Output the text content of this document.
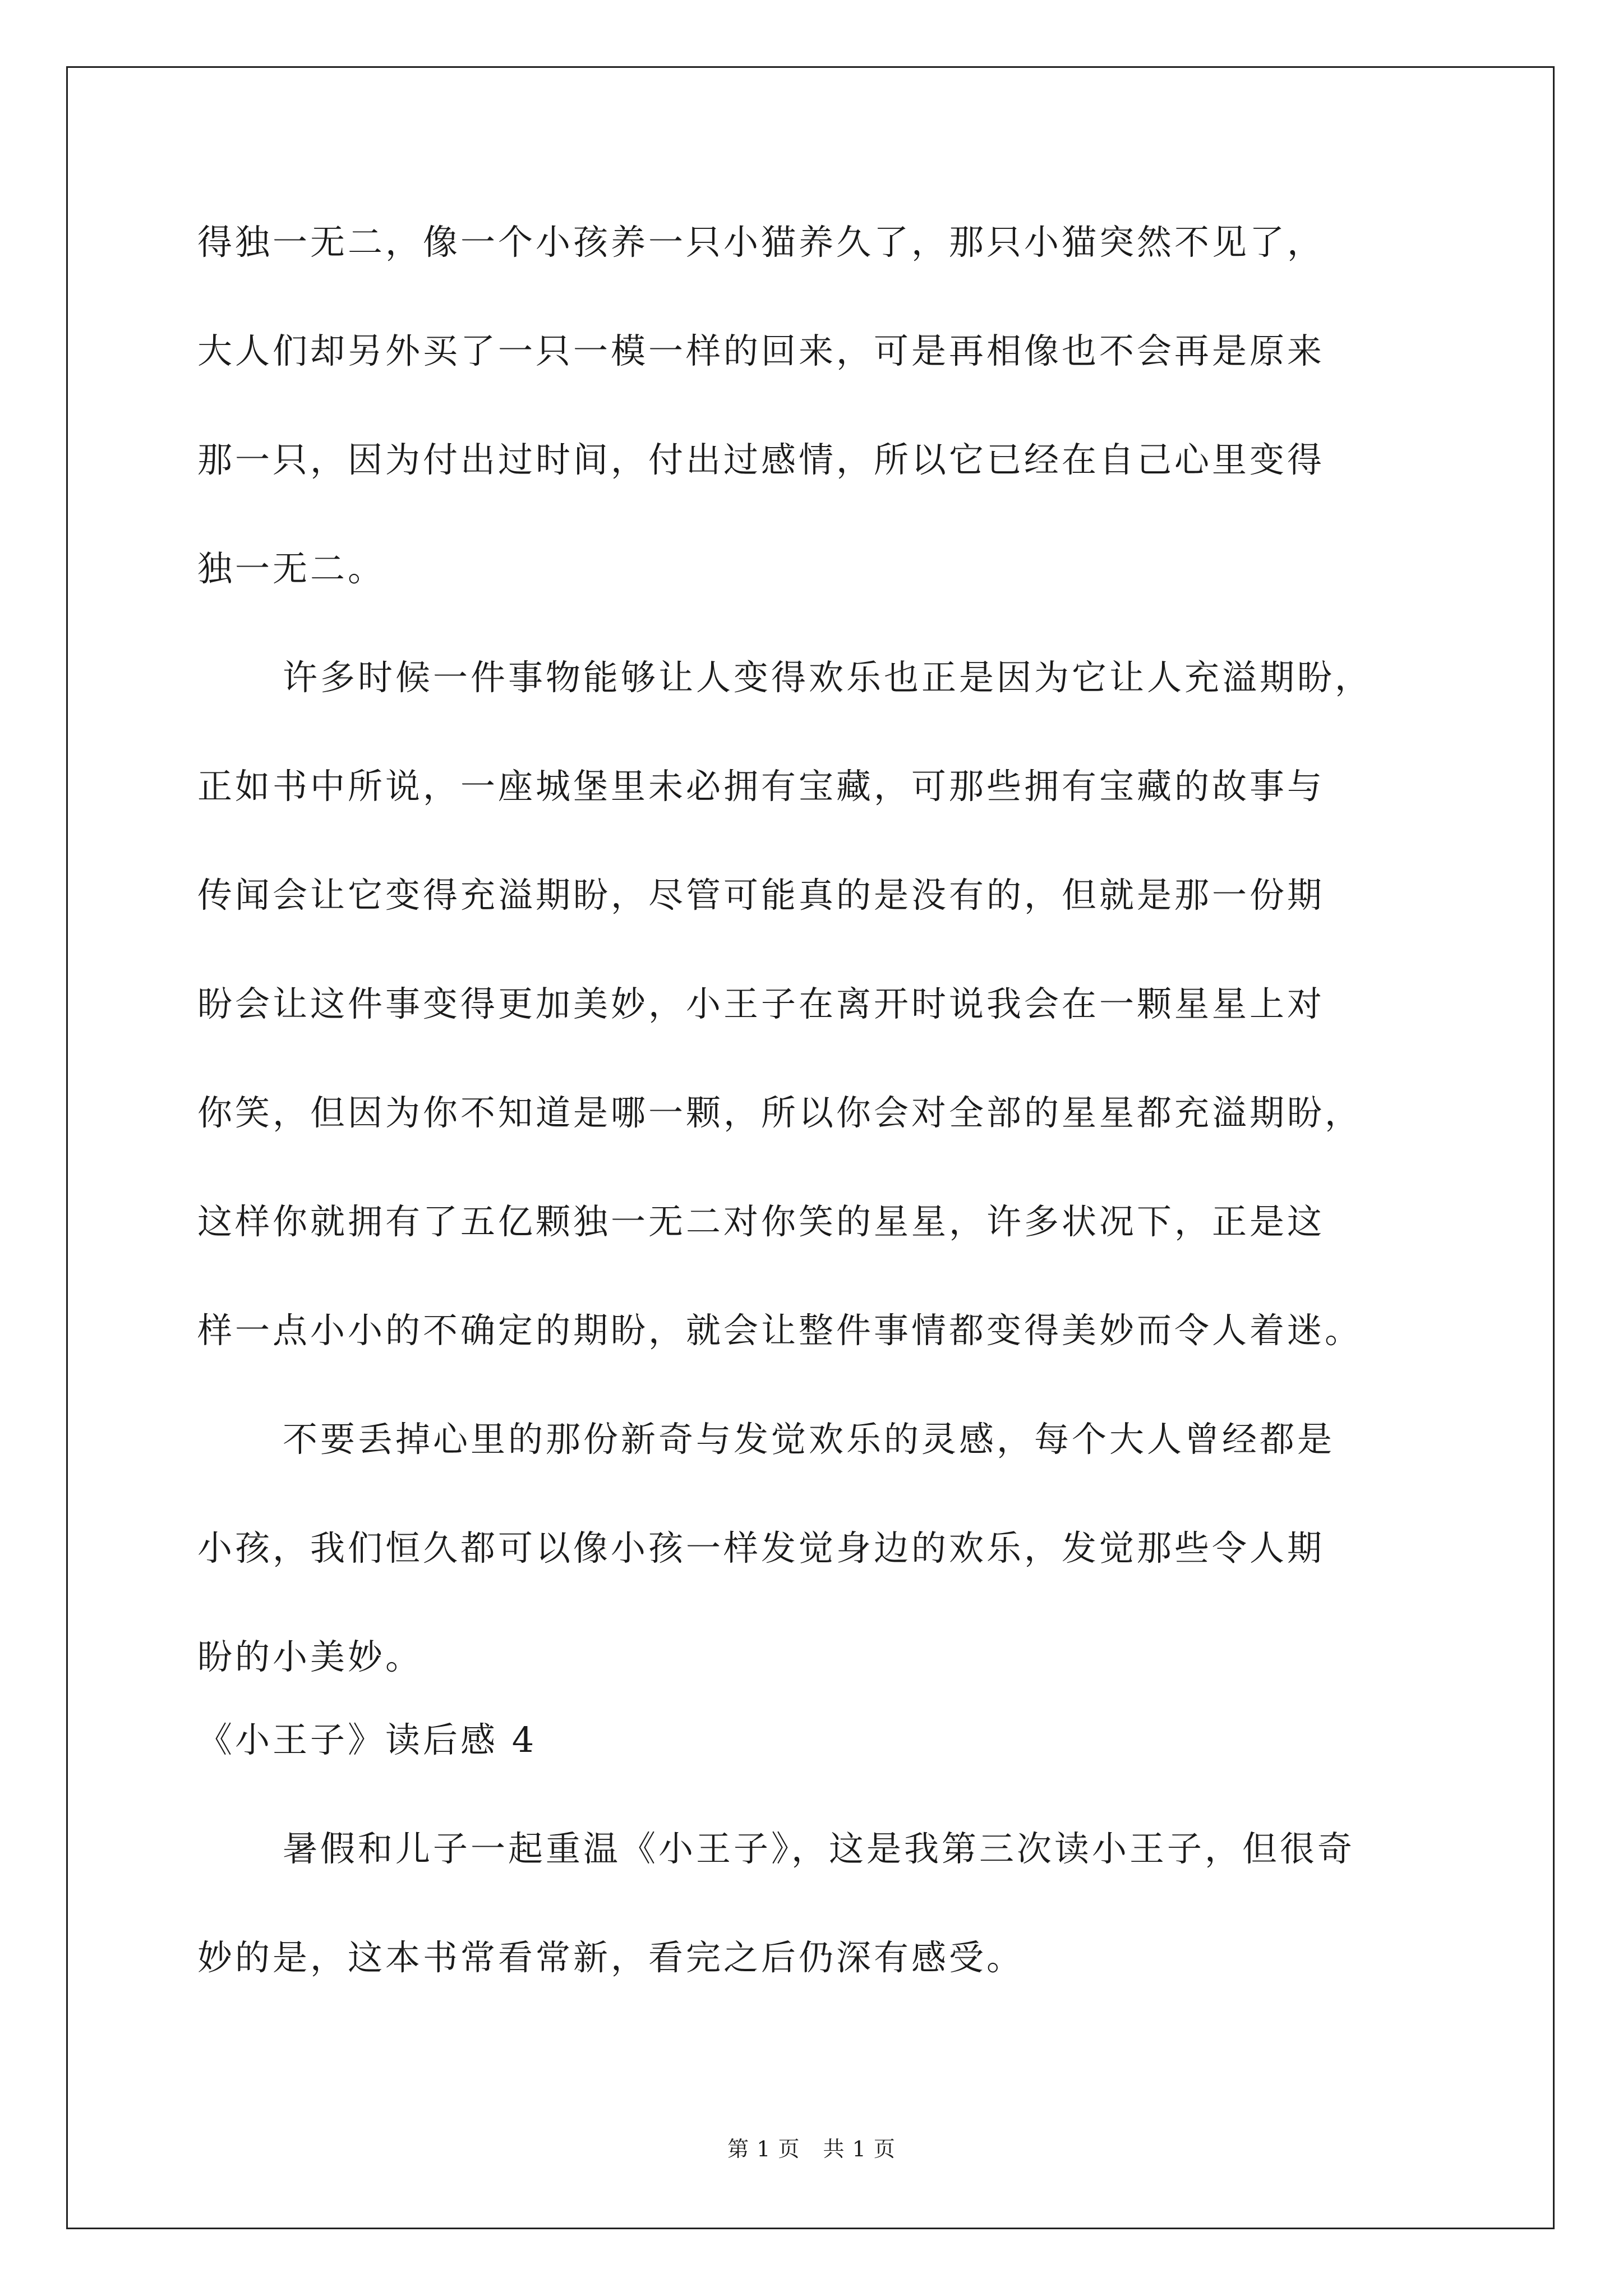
得独一无二，像一个小孩养一只小猫养久了，那只小猫突然不见了，
大人们却另外买了一只一模一样的回来，可是再相像也不会再是原来
那一只，因为付出过时间，付出过感情，所以它已经在自己心里变得
独一无二。
许多时候一件事物能够让人变得欢乐也正是因为它让人充溢期盼，
正如书中所说，一座城堡里未必拥有宝藏，可那些拥有宝藏的故事与
传闻会让它变得充溢期盼，尽管可能真的是没有的，但就是那一份期
盼会让这件事变得更加美妙，小王子在离开时说我会在一颗星星上对
你笑，但因为你不知道是哪一颗，所以你会对全部的星星都充溢期盼，
这样你就拥有了五亿颗独一无二对你笑的星星，许多状况下，正是这
样一点小小的不确定的期盼，就会让整件事情都变得美妙而令人着迷。
不要丢掉心里的那份新奇与发觉欢乐的灵感，每个大人曾经都是
小孩，我们恒久都可以像小孩一样发觉身边的欢乐，发觉那些令人期
盼的小美妙。
《小王子》读后感 4
暑假和儿子一起重温《小王子》，这是我第三次读小王子，但很奇
妙的是，这本书常看常新，看完之后仍深有感受。
第 1 页 共 1 页
